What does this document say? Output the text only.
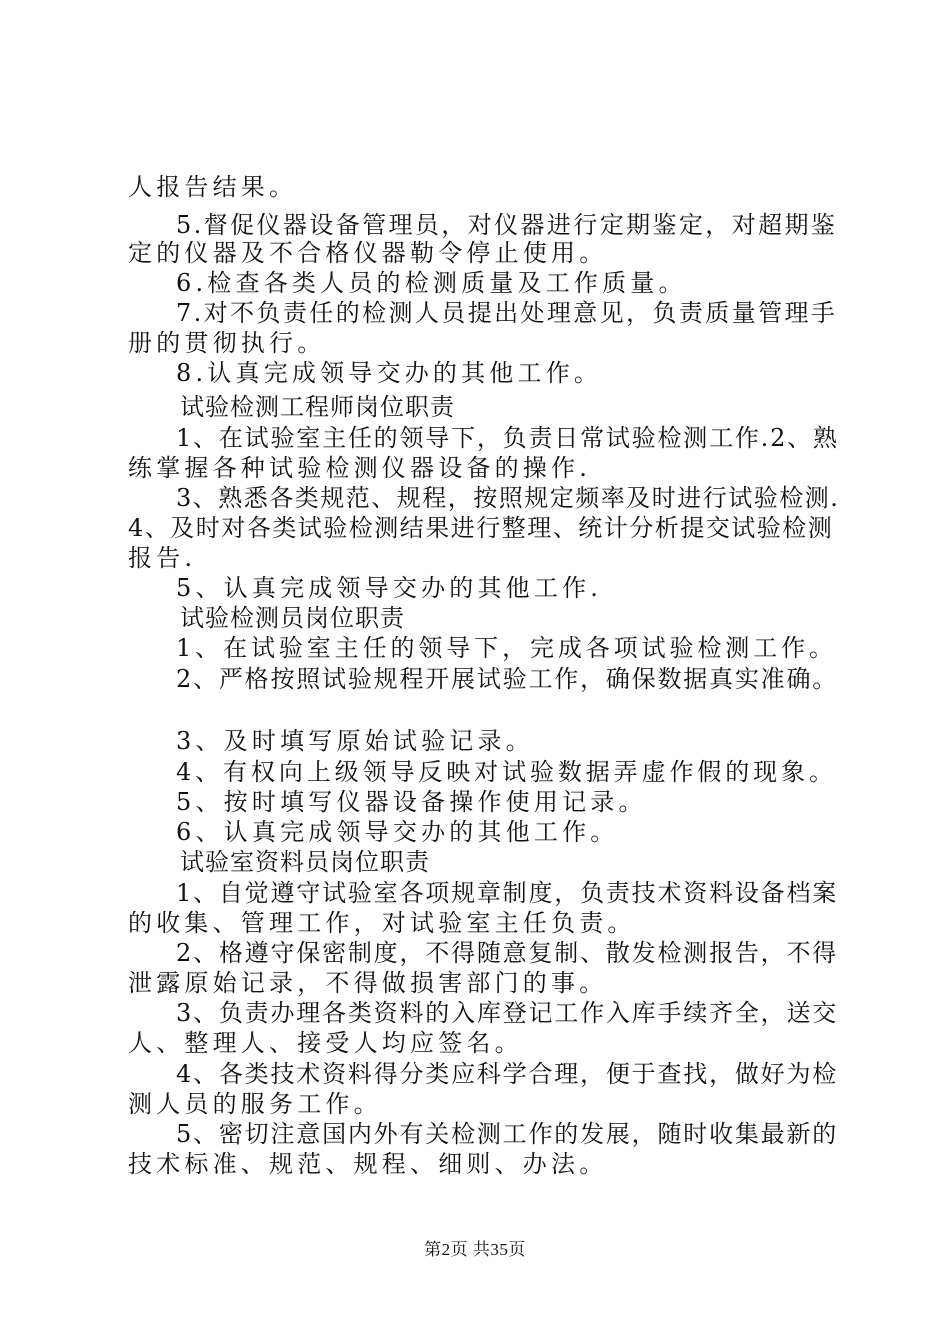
人报告结果。
5.督促仪器设备管理员，对仪器进行定期鉴定，对超期鉴
定的仪器及不合格仪器勒令停止使用。
6.检查各类人员的检测质量及工作质量。
7.对不负责任的检测人员提出处理意见，负责质量管理手
册的贯彻执行。
8.认真完成领导交办的其他工作。
试验检测工程师岗位职责
1、在试验室主任的领导下，负责日常试验检测工作.2、熟
练掌握各种试验检测仪器设备的操作.
3、熟悉各类规范、规程，按照规定频率及时进行试验检测.
4、及时对各类试验检测结果进行整理、统计分析提交试验检测
报告.
5、认真完成领导交办的其他工作.
试验检测员岗位职责
1、在试验室主任的领导下，完成各项试验检测工作。
2、严格按照试验规程开展试验工作，确保数据真实准确。
3、及时填写原始试验记录。
4、有权向上级领导反映对试验数据弄虚作假的现象。
5、按时填写仪器设备操作使用记录。
6、认真完成领导交办的其他工作。
试验室资料员岗位职责
1、自觉遵守试验室各项规章制度，负责技术资料设备档案
的收集、管理工作，对试验室主任负责。
2、格遵守保密制度，不得随意复制、散发检测报告，不得
泄露原始记录，不得做损害部门的事。
3、负责办理各类资料的入库登记工作入库手续齐全，送交
人、整理人、接受人均应签名。
4、各类技术资料得分类应科学合理，便于查找，做好为检
测人员的服务工作。
5、密切注意国内外有关检测工作的发展，随时收集最新的
技术标准、规范、规程、细则、办法。
第2页 共35页
